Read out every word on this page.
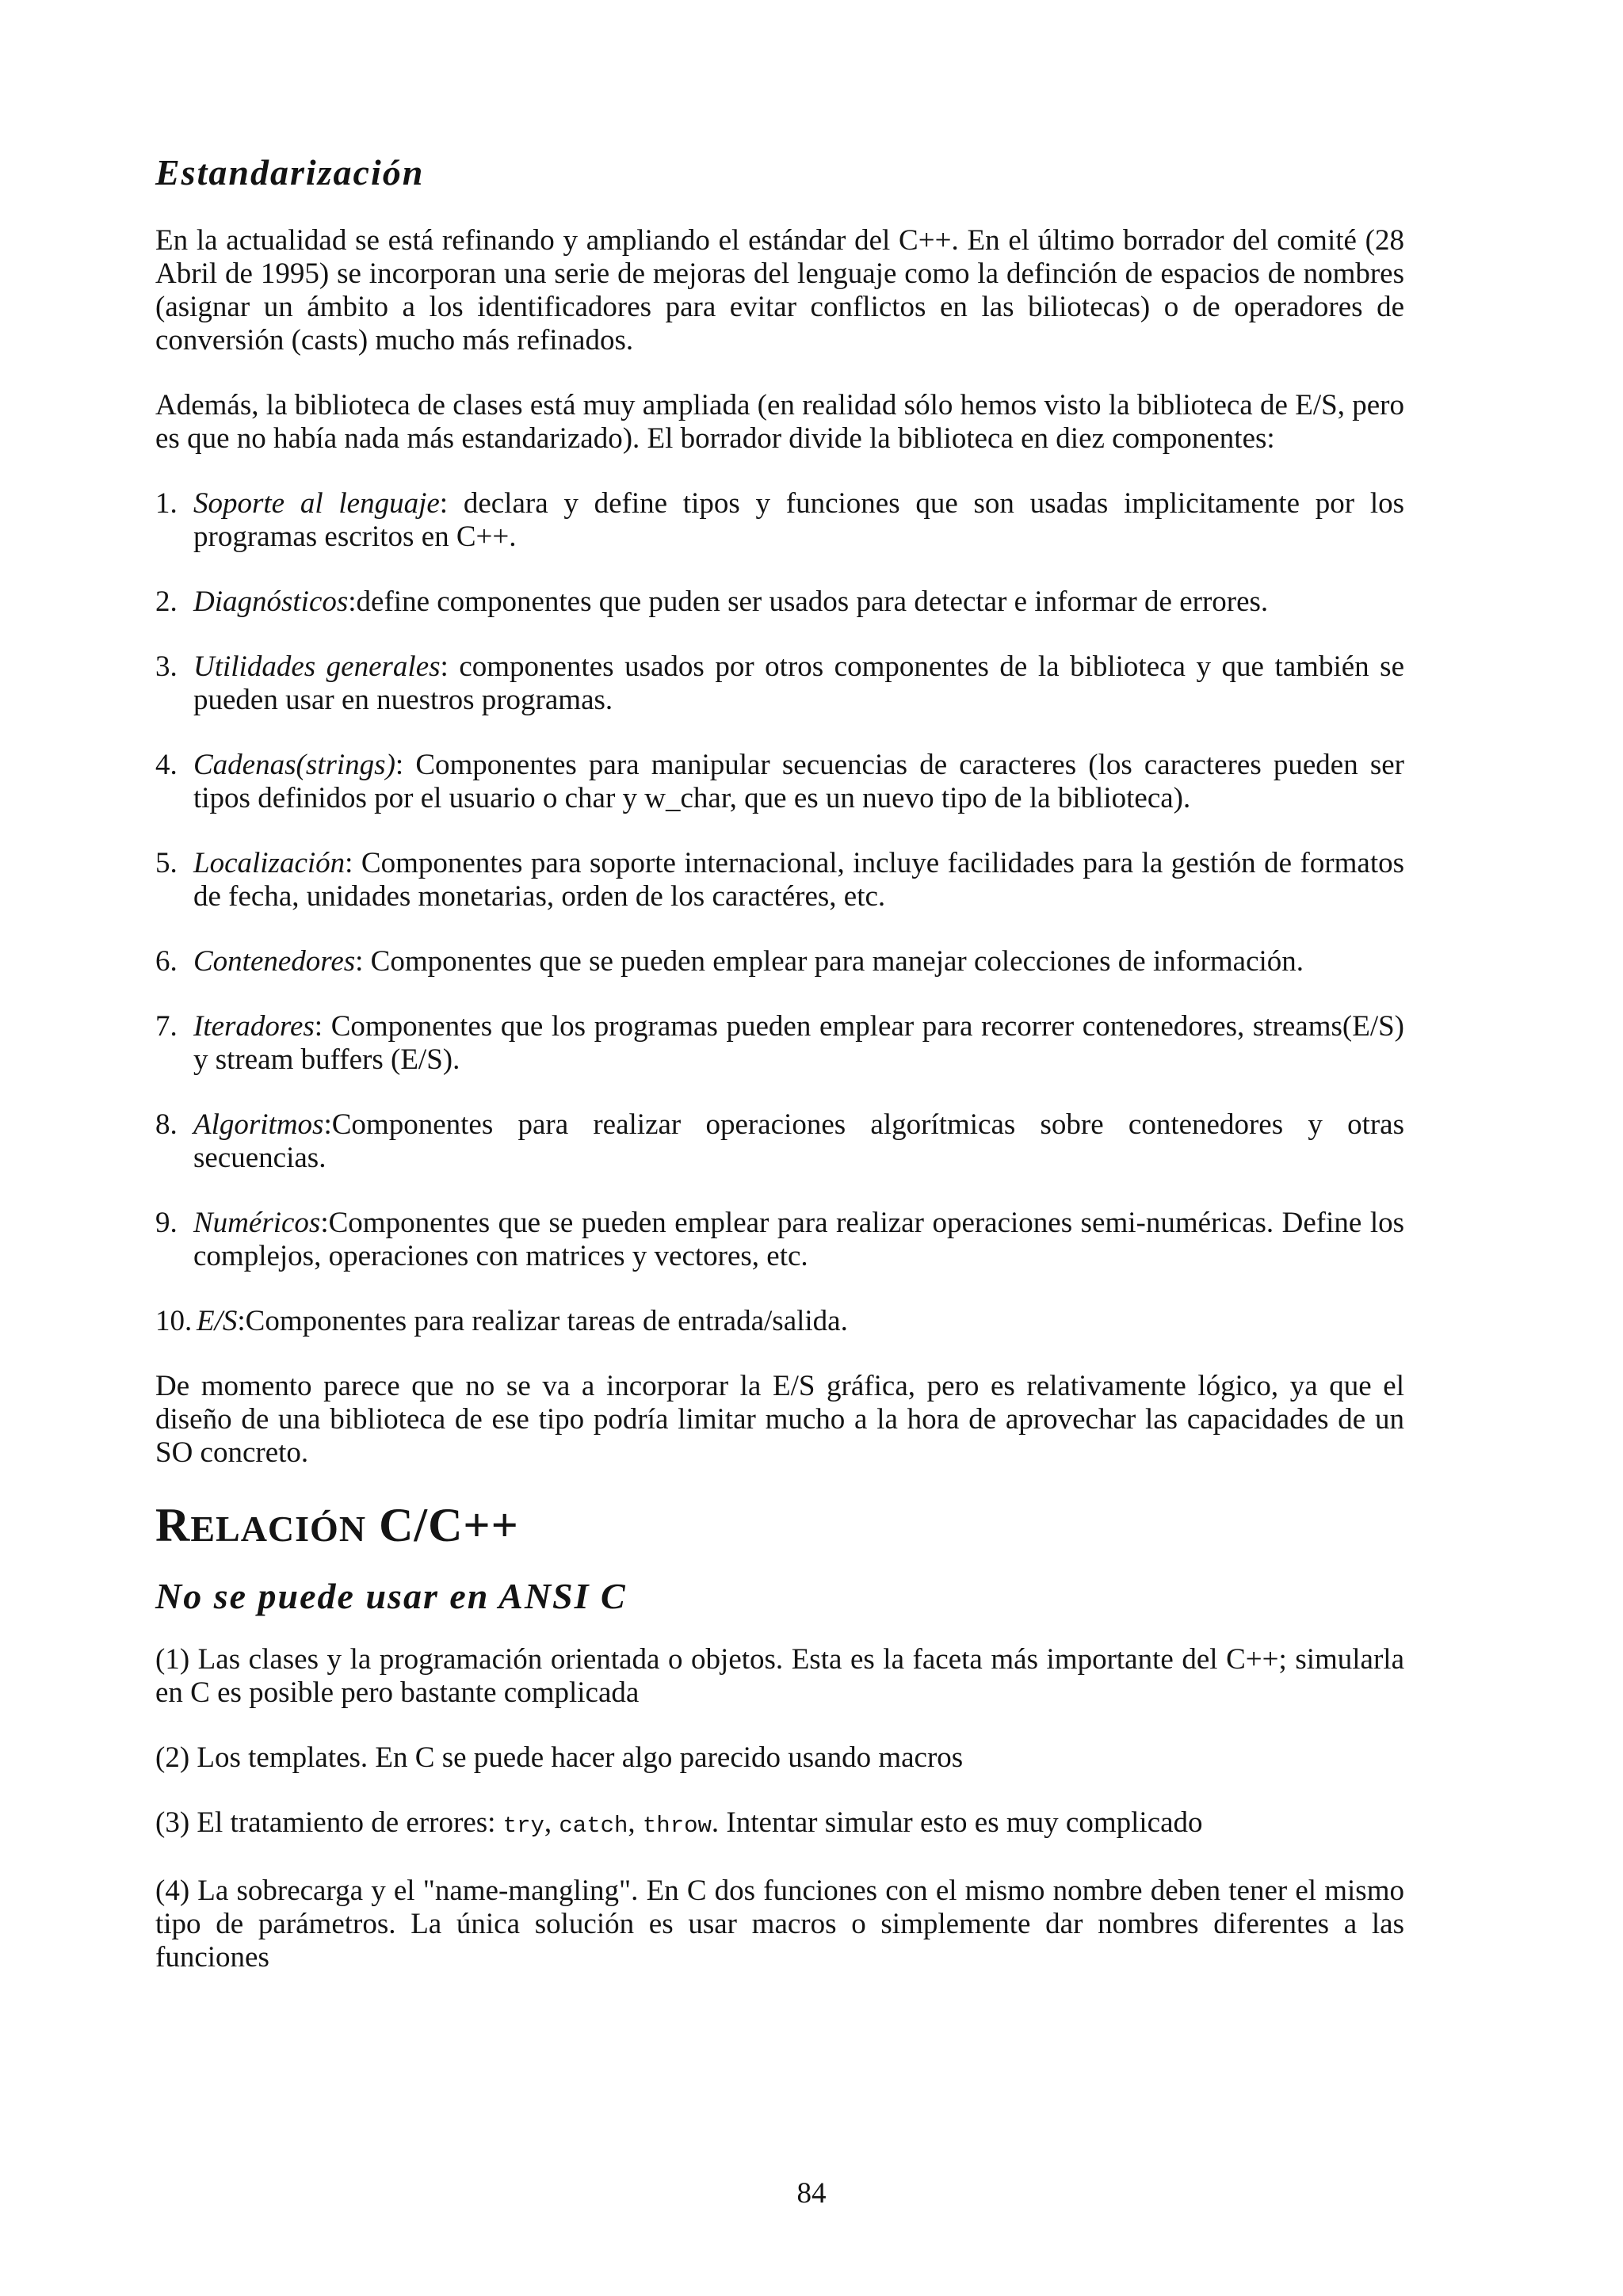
Estandarización

En la actualidad se está refinando y ampliando el estándar del C++. En el último borrador del comité (28 Abril de 1995) se incorporan una serie de mejoras del lenguaje como la definción de espacios de nombres (asignar un ámbito a los identificadores para evitar conflictos en las biliotecas) o de operadores de conversión (casts) mucho más refinados.

Además, la biblioteca de clases está muy ampliada (en realidad sólo hemos visto la biblioteca de E/S, pero es que no había nada más estandarizado). El borrador divide la biblioteca en diez componentes:

1. Soporte al lenguaje: declara y define tipos y funciones que son usadas implicitamente por los programas escritos en C++.
2. Diagnósticos:define componentes que puden ser usados para detectar e informar de errores.
3. Utilidades generales: componentes usados por otros componentes de la biblioteca y que también se pueden usar en nuestros programas.
4. Cadenas(strings): Componentes para manipular secuencias de caracteres (los caracteres pueden ser tipos definidos por el usuario o char y w_char, que es un nuevo tipo de la biblioteca).
5. Localización: Componentes para soporte internacional, incluye facilidades para la gestión de formatos de fecha, unidades monetarias, orden de los caractéres, etc.
6. Contenedores: Componentes que se pueden emplear para manejar colecciones de información.
7. Iteradores: Componentes que los programas pueden emplear para recorrer contenedores, streams(E/S) y stream buffers (E/S).
8. Algoritmos:Componentes para realizar operaciones algorítmicas sobre contenedores y otras secuencias.
9. Numéricos:Componentes que se pueden emplear para realizar operaciones semi-numéricas. Define los complejos, operaciones con matrices y vectores, etc.
10. E/S:Componentes para realizar tareas de entrada/salida.

De momento parece que no se va a incorporar la E/S gráfica, pero es relativamente lógico, ya que el diseño de una biblioteca de ese tipo podría limitar mucho a la hora de aprovechar las capacidades de un SO concreto.

RELACIÓN C/C++
No se puede usar en ANSI C

(1) Las clases y la programación orientada o objetos. Esta es la faceta más importante del C++; simularla en C es posible pero bastante complicada

(2) Los templates. En C se puede hacer algo parecido usando macros

(3) El tratamiento de errores: try, catch, throw. Intentar simular esto es muy complicado

(4) La sobrecarga y el "name-mangling". En C dos funciones con el mismo nombre deben tener el mismo tipo de parámetros. La única solución es usar macros o simplemente dar nombres diferentes a las funciones

84
